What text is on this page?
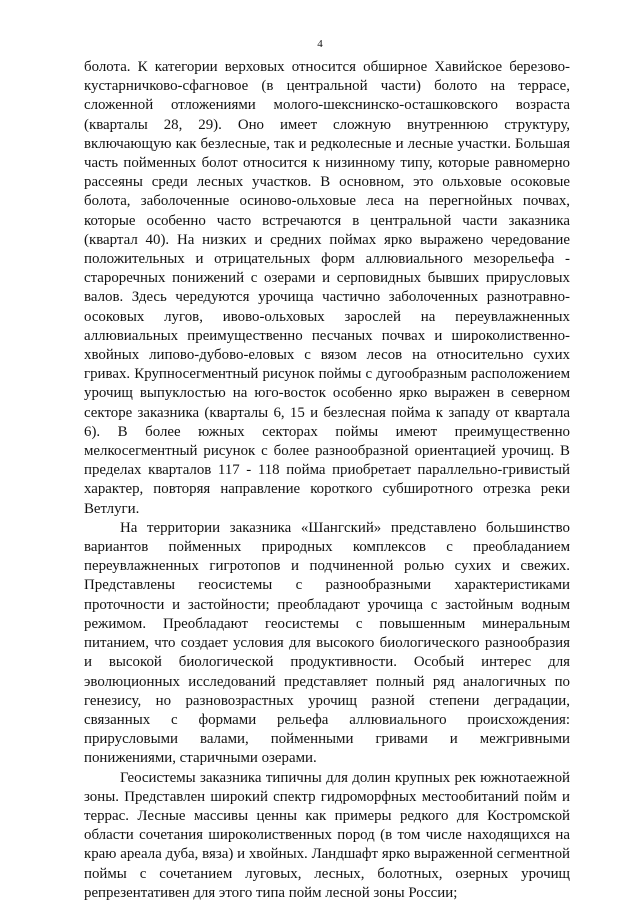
4

болота. К категории верховых относится обширное Хавийское березово-кустарничково-сфагновое (в центральной части) болото на террасе, сложенной отложениями молого-шекснинско-осташковского возраста (кварталы 28, 29). Оно имеет сложную внутреннюю структуру, включающую как безлесные, так и редколесные и лесные участки. Большая часть пойменных болот относится к низинному типу, которые равномерно рассеяны среди лесных участков. В основном, это ольховые осоковые болота, заболоченные осиново-ольховые леса на перегнойных почвах, которые особенно часто встречаются в центральной части заказника (квартал 40). На низких и средних поймах ярко выражено чередование положительных и отрицательных форм аллювиального мезорельефа - старoречных понижений с озерами и серповидных бывших прирусловых валов. Здесь чередуются урочища частично заболоченных разнотравно-осоковых лугов, ивово-ольховых зарослей на переувлажненных аллювиальных преимущественно песчаных почвах и широколиственно-хвойных липово-дубово-еловых с вязом лесов на относительно сухих гривах. Крупносегментный рисунок поймы с дугообразным расположением урочищ выпуклостью на юго-восток особенно ярко выражен в северном секторе заказника (кварталы 6, 15 и безлесная пойма к западу от квартала 6). В более южных секторах поймы имеют преимущественно мелкосегментный рисунок с более разнообразной ориентацией урочищ. В пределах кварталов 117 - 118 пойма приобретает параллельно-гривистый характер, повторяя направление короткого субширотного отрезка реки Ветлуги.

На территории заказника «Шангский» представлено большинство вариантов пойменных природных комплексов с преобладанием переувлажненных гигротопов и подчиненной ролью сухих и свежих. Представлены геосистемы с разнообразными характеристиками проточности и застойности; преобладают урочища с застойным водным режимом. Преобладают геосистемы с повышенным минеральным питанием, что создает условия для высокого биологического разнообразия и высокой биологической продуктивности. Особый интерес для эволюционных исследований представляет полный ряд аналогичных по генезису, но разновозрастных урочищ разной степени деградации, связанных с формами рельефа аллювиального происхождения: прирусловыми валами, пойменными гривами и межгривными понижениями, старичными озерами.

Геосистемы заказника типичны для долин крупных рек южнотаежной зоны. Представлен широкий спектр гидроморфных местообитаний пойм и террас. Лесные массивы ценны как примеры редкого для Костромской области сочетания широколиственных пород (в том числе находящихся на краю ареала дуба, вяза) и хвойных. Ландшафт ярко выраженной сегментной поймы с сочетанием луговых, лесных, болотных, озерных урочищ репрезентативен для этого типа пойм лесной зоны России;
